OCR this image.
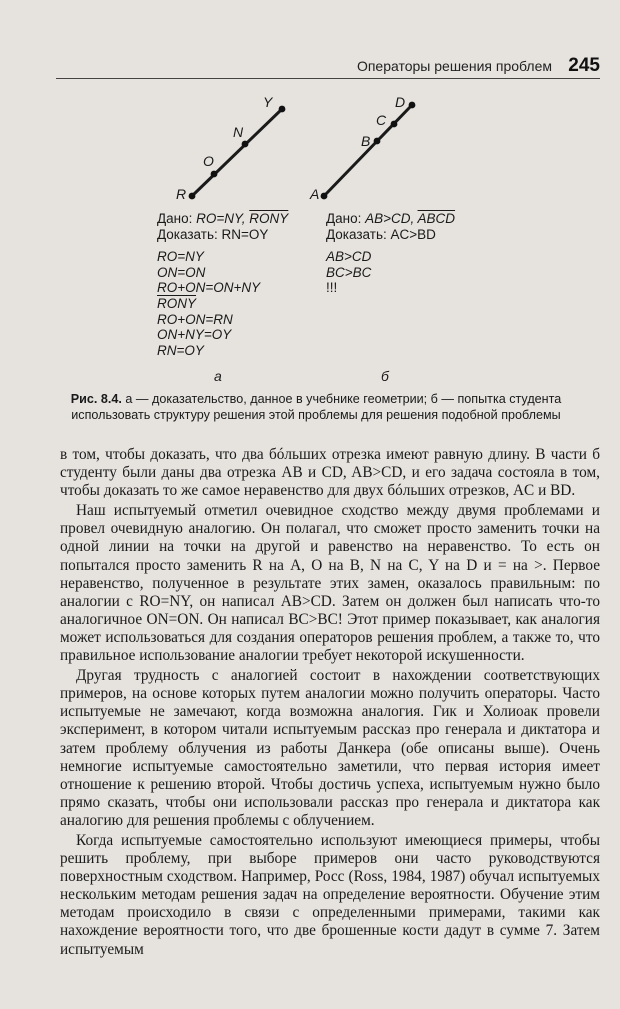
Операторы решения проблем 245
R
O
N
Y
A
B
C
D
Дано: RO=NY, RONY
Доказать: RN=OY
RO=NY
ON=ON
RO+ON=ON+NY
RONY
RO+ON=RN
ON+NY=OY
RN=OY
а
Дано: AB>CD, ABCD
Доказать: AC>BD
AB>CD
BC>BC
!!!
б
Рис. 8.4. а — доказательство, данное в учебнике геометрии; б — попытка студента использовать структуру решения этой проблемы для решения подобной проблемы

в том, чтобы доказать, что два бóльших отрезка имеют равную длину. В части б студенту были даны два отрезка AB и CD, AB>CD, и его задача состояла в том, чтобы доказать то же самое неравенство для двух бóльших отрезков, AC и BD.

Наш испытуемый отметил очевидное сходство между двумя проблемами и провел очевидную аналогию. Он полагал, что сможет просто заменить точки на одной линии на точки на другой и равенство на неравенство. То есть он попытался просто заменить R на A, O на B, N на C, Y на D и = на >. Первое неравенство, полученное в результате этих замен, оказалось правильным: по аналогии с RO=NY, он написал AB>CD. Затем он должен был написать что-то аналогичное ON=ON. Он написал BC>BC! Этот пример показывает, как аналогия может использоваться для создания операторов решения проблем, а также то, что правильное использование аналогии требует некоторой искушенности.

Другая трудность с аналогией состоит в нахождении соответствующих примеров, на основе которых путем аналогии можно получить операторы. Часто испытуемые не замечают, когда возможна аналогия. Гик и Холиоак провели эксперимент, в котором читали испытуемым рассказ про генерала и диктатора и затем проблему облучения из работы Данкера (обе описаны выше). Очень немногие испытуемые самостоятельно заметили, что первая история имеет отношение к решению второй. Чтобы достичь успеха, испытуемым нужно было прямо сказать, чтобы они использовали рассказ про генерала и диктатора как аналогию для решения проблемы с облучением.

Когда испытуемые самостоятельно используют имеющиеся примеры, чтобы решить проблему, при выборе примеров они часто руководствуются поверхностным сходством. Например, Росс (Ross, 1984, 1987) обучал испытуемых нескольким методам решения задач на определение вероятности. Обучение этим методам происходило в связи с определенными примерами, такими как нахождение вероятности того, что две брошенные кости дадут в сумме 7. Затем испытуемым
